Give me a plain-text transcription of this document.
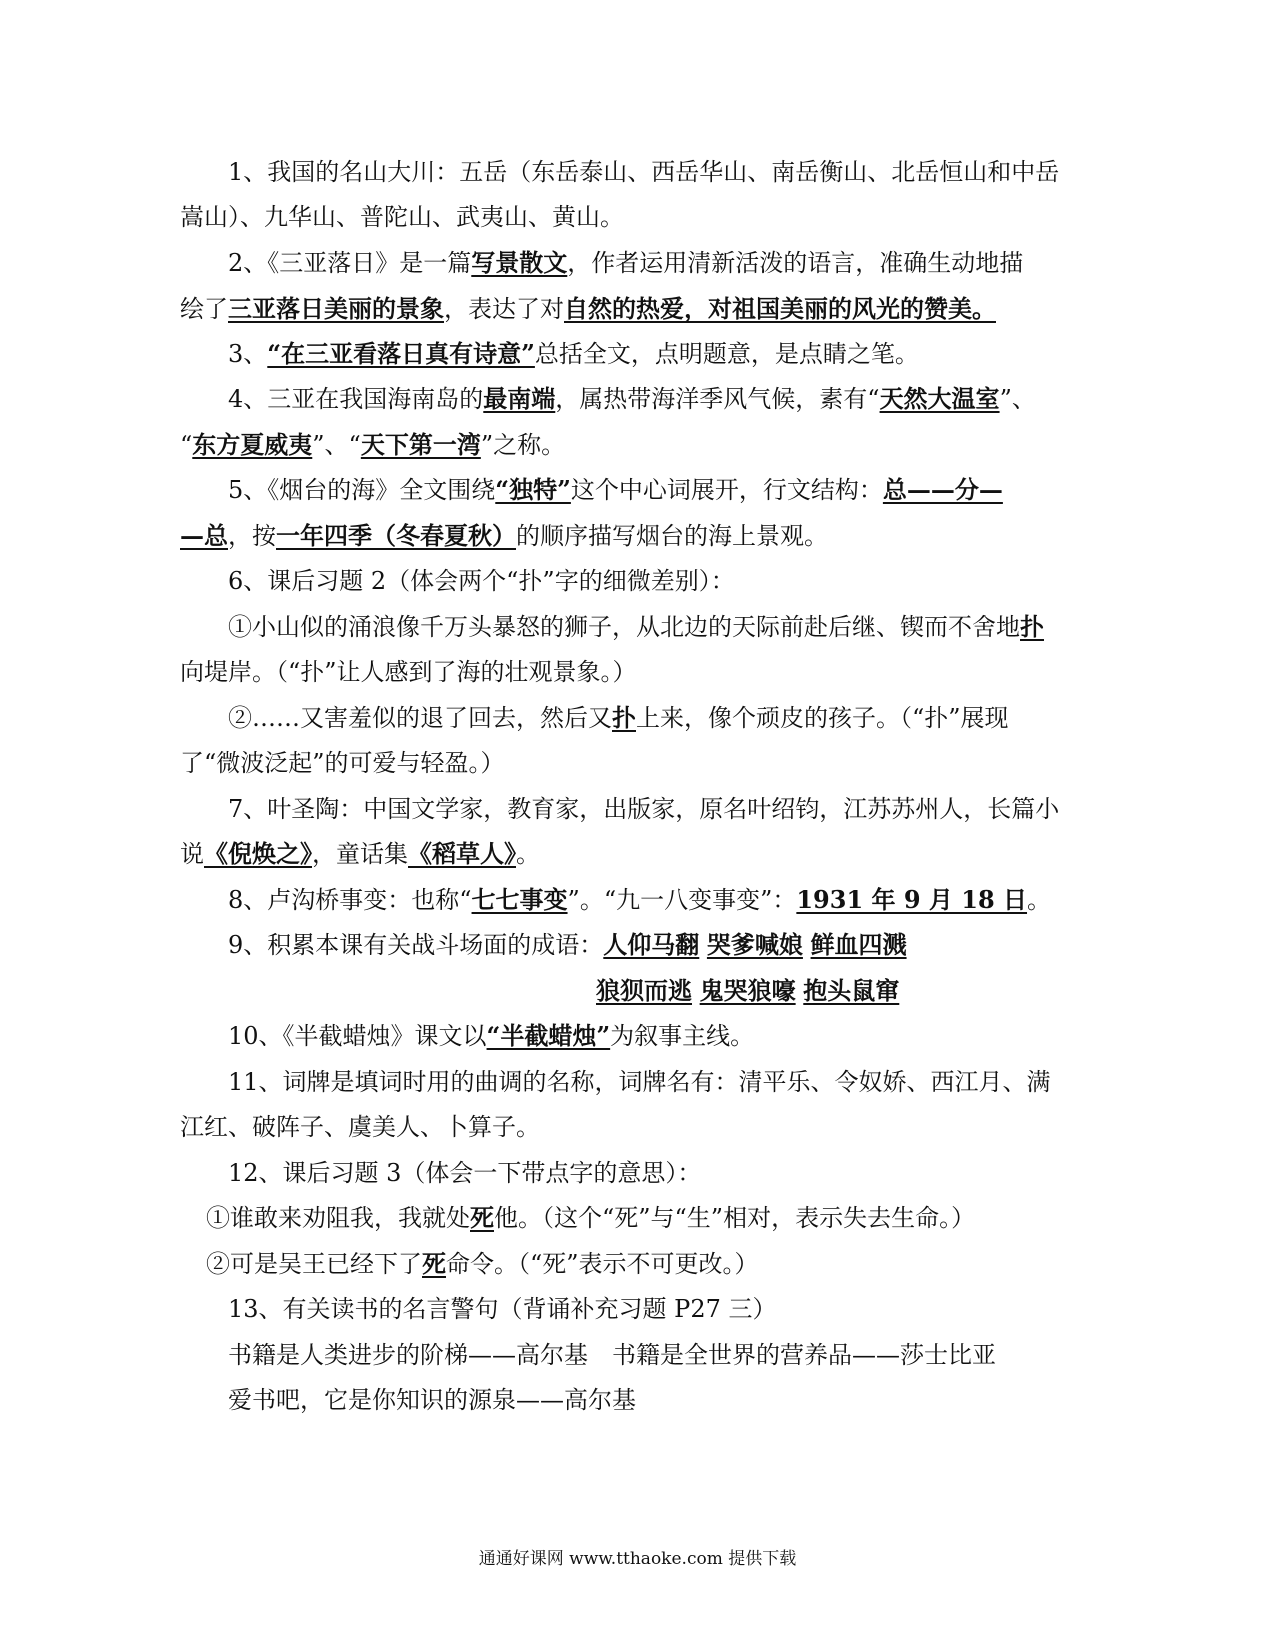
1、我国的名山大川：五岳（东岳泰山、西岳华山、南岳衡山、北岳恒山和中岳
嵩山）、九华山、普陀山、武夷山、黄山。
2、《三亚落日》是一篇写景散文，作者运用清新活泼的语言，准确生动地描
绘了三亚落日美丽的景象，表达了对自然的热爱，对祖国美丽的风光的赞美。
3、“在三亚看落日真有诗意”总括全文，点明题意，是点睛之笔。
4、三亚在我国海南岛的最南端，属热带海洋季风气候，素有“天然大温室”、
“东方夏威夷”、“天下第一湾”之称。
5、《烟台的海》全文围绕“独特”这个中心词展开，行文结构：总——分—
—总，按一年四季（冬春夏秋）的顺序描写烟台的海上景观。
6、课后习题 2（体会两个“扑”字的细微差别）：
①小山似的涌浪像千万头暴怒的狮子，从北边的天际前赴后继、锲而不舍地扑
向堤岸。（“扑”让人感到了海的壮观景象。）
②……又害羞似的退了回去，然后又扑上来，像个顽皮的孩子。（“扑”展现
了“微波泛起”的可爱与轻盈。）
7、叶圣陶：中国文学家，教育家，出版家，原名叶绍钧，江苏苏州人，长篇小
说《倪焕之》，童话集《稻草人》。
8、卢沟桥事变：也称“七七事变”。“九一八变事变”：1931 年 9 月 18 日。
9、积累本课有关战斗场面的成语：人仰马翻 哭爹喊娘 鲜血四溅
狼狈而逃 鬼哭狼嚎 抱头鼠窜
10、《半截蜡烛》课文以“半截蜡烛”为叙事主线。
11、词牌是填词时用的曲调的名称，词牌名有：清平乐、令奴娇、西江月、满
江红、破阵子、虞美人、卜算子。
12、课后习题 3（体会一下带点字的意思）：
①谁敢来劝阻我，我就处死他。（这个“死”与“生”相对，表示失去生命。）
②可是吴王已经下了死命令。（“死”表示不可更改。）
13、有关读书的名言警句（背诵补充习题 P27 三）
书籍是人类进步的阶梯——高尔基 书籍是全世界的营养品——莎士比亚
爱书吧，它是你知识的源泉——高尔基
通通好课网 www.tthaoke.com 提供下载
